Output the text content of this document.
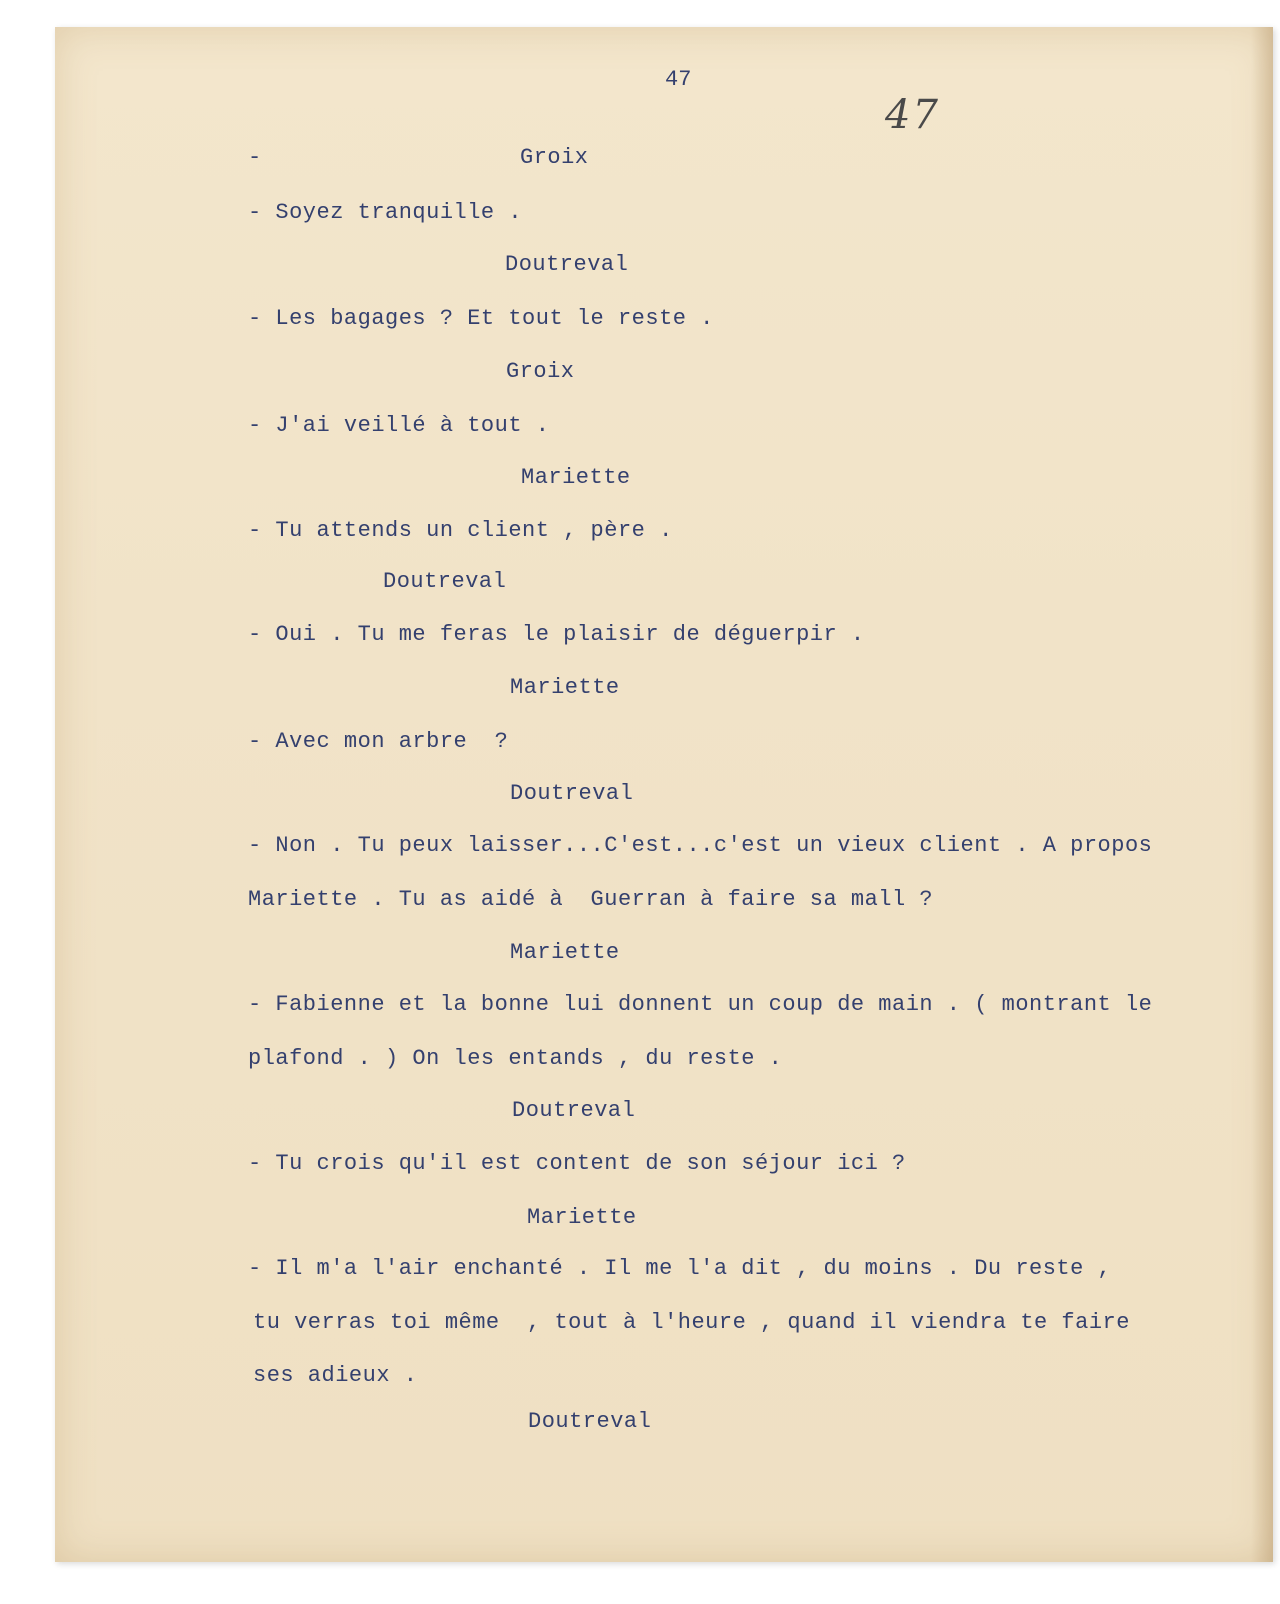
47
47
-	Groix
- Soyez tranquille .
Doutreval
- Les bagages ? Et tout le reste .
Groix
- J'ai veillé à tout .
Mariette
- Tu attends un client , père .
Doutreval
- Oui . Tu me feras le plaisir de déguerpir .
Mariette
- Avec mon arbre  ?
Doutreval
- Non . Tu peux laisser...C'est...c'est un vieux client . A propos
Mariette . Tu as aidé à  Guerran à faire sa mall ?
Mariette
- Fabienne et la bonne lui donnent un coup de main . ( montrant le
plafond . ) On les entands , du reste .
Doutreval
- Tu crois qu'il est content de son séjour ici ?
Mariette
- Il m'a l'air enchanté . Il me l'a dit , du moins . Du reste ,
tu verras toi même  , tout à l'heure , quand il viendra te faire
ses adieux .
Doutreval
